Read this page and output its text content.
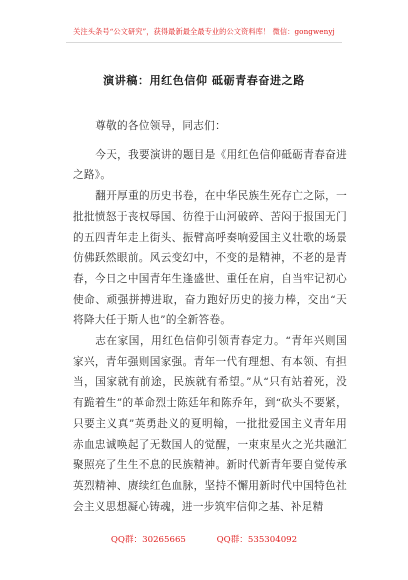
关注头条号“公文研究”，获得最新最全最专业的公文资料库！ 微信：gongwenyj
演讲稿：用红色信仰 砥砺青春奋进之路

尊敬的各位领导，同志们：

今天，我要演讲的题目是《用红色信仰砥砺青春奋进之路》。

翻开厚重的历史书卷，在中华民族生死存亡之际，一批批愤怒于丧权辱国、彷徨于山河破碎、苦闷于报国无门的五四青年走上街头、振臂高呼奏响爱国主义壮歌的场景仿佛跃然眼前。风云变幻中，不变的是精神，不老的是青春，今日之中国青年生逢盛世、重任在肩，自当牢记初心使命、顽强拼搏进取，奋力跑好历史的接力棒，交出“天将降大任于斯人也”的全新答卷。

志在家国，用红色信仰引领青春定力。“青年兴则国家兴，青年强则国家强。青年一代有理想、有本领、有担当，国家就有前途，民族就有希望。”从“只有站着死，没有跪着生”的革命烈士陈廷年和陈乔年，到“砍头不要紧，只要主义真”英勇赴义的夏明翰，一批批爱国主义青年用赤血忠诚唤起了无数国人的觉醒，一束束星火之光共融汇聚照亮了生生不息的民族精神。新时代新青年要自觉传承英烈精神、赓续红色血脉，坚持不懈用新时代中国特色社会主义思想凝心铸魂，进一步筑牢信仰之基、补足精

QQ群：30265665	QQ群：535304092
